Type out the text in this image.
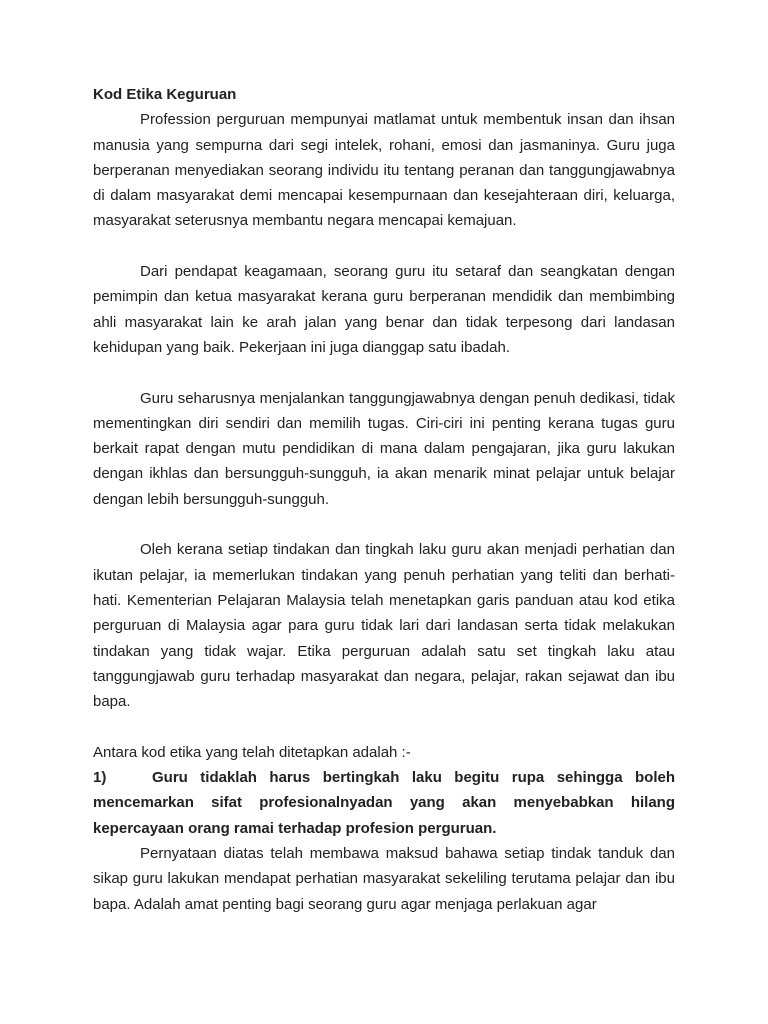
Kod Etika Keguruan

Profession perguruan mempunyai matlamat untuk membentuk insan dan ihsan manusia yang sempurna dari segi intelek, rohani, emosi dan jasmaninya. Guru juga berperanan menyediakan seorang individu itu tentang peranan dan tanggungjawabnya di dalam masyarakat demi mencapai kesempurnaan dan kesejahteraan diri, keluarga, masyarakat seterusnya membantu negara mencapai kemajuan.

Dari pendapat keagamaan, seorang guru itu setaraf dan seangkatan dengan pemimpin dan ketua masyarakat kerana guru berperanan mendidik dan membimbing ahli masyarakat lain ke arah jalan yang benar dan tidak terpesong dari landasan kehidupan yang baik. Pekerjaan ini juga dianggap satu ibadah.

Guru seharusnya menjalankan tanggungjawabnya dengan penuh dedikasi, tidak mementingkan diri sendiri dan memilih tugas. Ciri-ciri ini penting kerana tugas guru berkait rapat dengan mutu pendidikan di mana dalam pengajaran, jika guru lakukan dengan ikhlas dan bersungguh-sungguh, ia akan menarik minat pelajar untuk belajar dengan lebih bersungguh-sungguh.

Oleh kerana setiap tindakan dan tingkah laku guru akan menjadi perhatian dan ikutan pelajar, ia memerlukan tindakan yang penuh perhatian yang teliti dan berhati-hati. Kementerian Pelajaran Malaysia telah menetapkan garis panduan atau kod etika perguruan di Malaysia agar para guru tidak lari dari landasan serta tidak melakukan tindakan yang tidak wajar. Etika perguruan adalah satu set tingkah laku atau tanggungjawab guru terhadap masyarakat dan negara, pelajar, rakan sejawat dan ibu bapa.

Antara kod etika yang telah ditetapkan adalah :-

1)	Guru tidaklah harus bertingkah laku begitu rupa sehingga boleh mencemarkan sifat profesionalnyadan yang akan menyebabkan hilang kepercayaan orang ramai terhadap profesion perguruan.

Pernyataan diatas telah membawa maksud bahawa setiap tindak tanduk dan sikap guru lakukan mendapat perhatian masyarakat sekeliling terutama pelajar dan ibu bapa. Adalah amat penting bagi seorang guru agar menjaga perlakuan agar
